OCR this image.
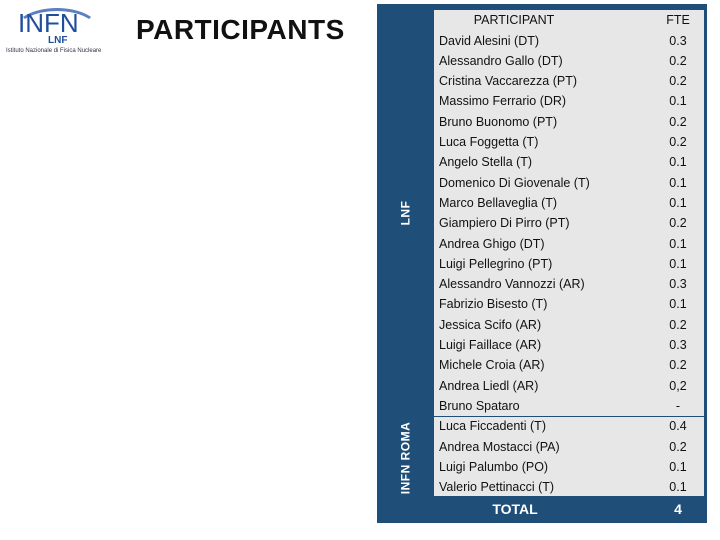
INFN
LNF
Istituto Nazionale di Fisica Nucleare
PARTICIPANTS
LNF
INFN ROMA
PARTICIPANT	FTE
David Alesini (DT)	0.3
Alessandro Gallo (DT)	0.2
Cristina Vaccarezza (PT)	0.2
Massimo Ferrario (DR)	0.1
Bruno Buonomo (PT)	0.2
Luca Foggetta (T)	0.2
Angelo Stella (T)	0.1
Domenico Di Giovenale (T)	0.1
Marco Bellaveglia (T)	0.1
Giampiero Di Pirro (PT)	0.2
Andrea Ghigo (DT)	0.1
Luigi Pellegrino (PT)	0.1
Alessandro Vannozzi (AR)	0.3
Fabrizio Bisesto (T)	0.1
Jessica Scifo (AR)	0.2
Luigi Faillace (AR)	0.3
Michele Croia (AR)	0.2
Andrea Liedl (AR)	0,2
Bruno Spataro	-
Luca Ficcadenti (T)	0.4
Andrea Mostacci (PA)	0.2
Luigi Palumbo (PO)	0.1
Valerio Pettinacci (T)	0.1
TOTAL	4
